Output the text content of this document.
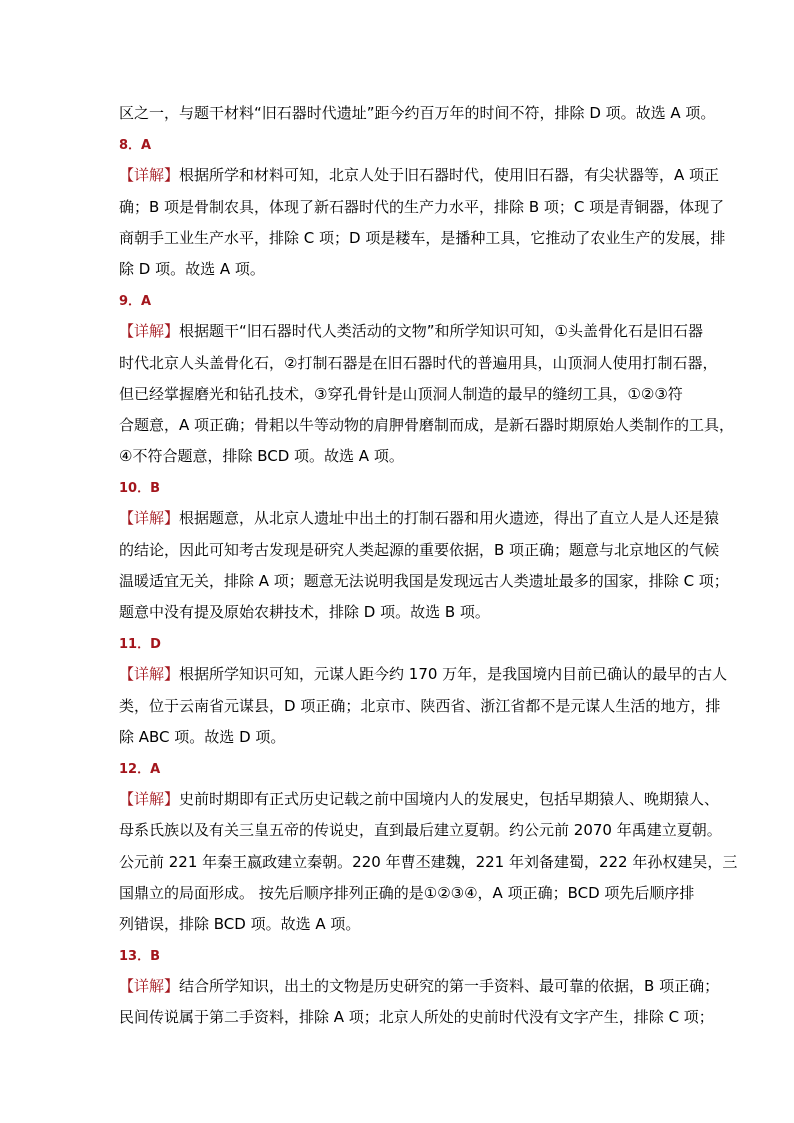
区之一，与题干材料“旧石器时代遗址”距今约百万年的时间不符，排除 D 项。故选 A 项。
8．A
【详解】根据所学和材料可知，北京人处于旧石器时代，使用旧石器，有尖状器等，A 项正
确；B 项是骨制农具，体现了新石器时代的生产力水平，排除 B 项；C 项是青铜器，体现了
商朝手工业生产水平，排除 C 项；D 项是耧车，是播种工具，它推动了农业生产的发展，排
除 D 项。故选 A 项。
9．A
【详解】根据题干“旧石器时代人类活动的文物”和所学知识可知，①头盖骨化石是旧石器
时代北京人头盖骨化石，②打制石器是在旧石器时代的普遍用具，山顶洞人使用打制石器，
但已经掌握磨光和钻孔技术，③穿孔骨针是山顶洞人制造的最早的缝纫工具，①②③符
合题意，A 项正确；骨耜以牛等动物的肩胛骨磨制而成，是新石器时期原始人类制作的工具，
④不符合题意，排除 BCD 项。故选 A 项。
10．B
【详解】根据题意，从北京人遗址中出土的打制石器和用火遗迹，得出了直立人是人还是猿
的结论，因此可知考古发现是研究人类起源的重要依据，B 项正确；题意与北京地区的气候
温暖适宜无关，排除 A 项；题意无法说明我国是发现远古人类遗址最多的国家，排除 C 项；
题意中没有提及原始农耕技术，排除 D 项。故选 B 项。
11．D
【详解】根据所学知识可知，元谋人距今约 170 万年，是我国境内目前已确认的最早的古人
类，位于云南省元谋县，D 项正确；北京市、陕西省、浙江省都不是元谋人生活的地方，排
除 ABC 项。故选 D 项。
12．A
【详解】史前时期即有正式历史记载之前中国境内人的发展史，包括早期猿人、晚期猿人、
母系氏族以及有关三皇五帝的传说史，直到最后建立夏朝。约公元前 2070 年禹建立夏朝。
公元前 221 年秦王嬴政建立秦朝。220 年曹丕建魏，221 年刘备建蜀，222 年孙权建吴，三
国鼎立的局面形成。 按先后顺序排列正确的是①②③④，A 项正确；BCD 项先后顺序排
列错误，排除 BCD 项。故选 A 项。
13．B
【详解】结合所学知识，出土的文物是历史研究的第一手资料、最可靠的依据，B 项正确；
民间传说属于第二手资料，排除 A 项；北京人所处的史前时代没有文字产生，排除 C 项；
